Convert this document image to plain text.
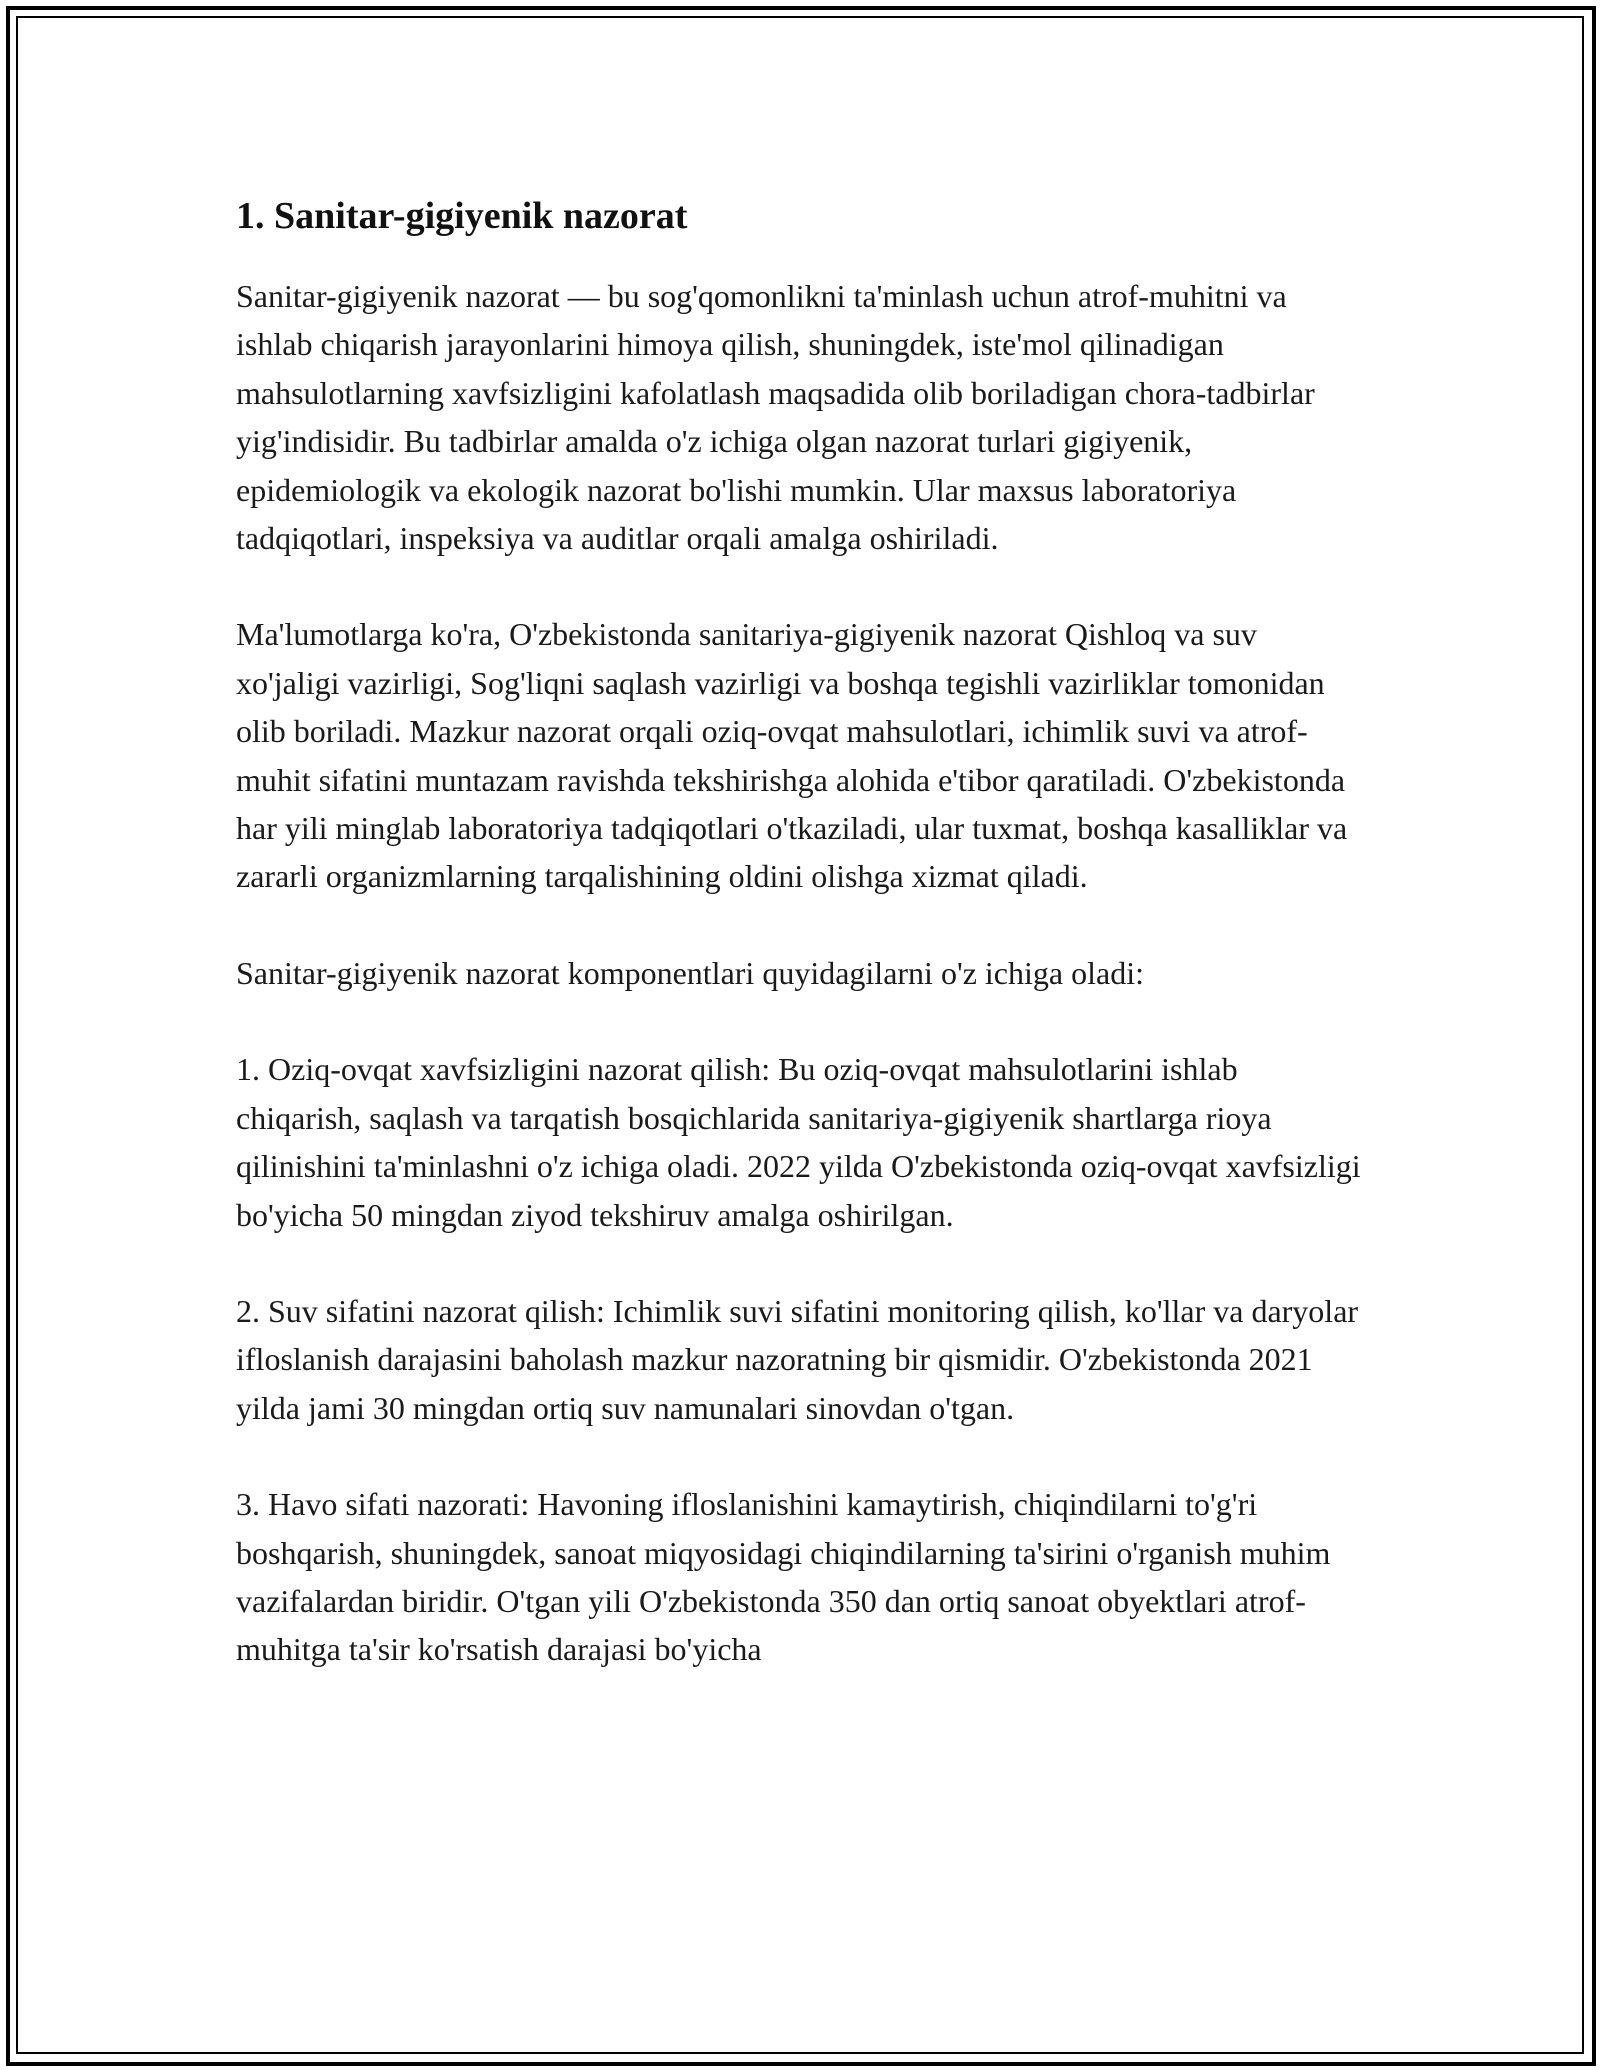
1. Sanitar-gigiyenik nazorat

Sanitar-gigiyenik nazorat — bu sog'qomonlikni ta'minlash uchun atrof-muhitni va ishlab chiqarish jarayonlarini himoya qilish, shuningdek, iste'mol qilinadigan mahsulotlarning xavfsizligini kafolatlash maqsadida olib boriladigan chora-tadbirlar yig'indisidir. Bu tadbirlar amalda o'z ichiga olgan nazorat turlari gigiyenik, epidemiologik va ekologik nazorat bo'lishi mumkin. Ular maxsus laboratoriya tadqiqotlari, inspeksiya va auditlar orqali amalga oshiriladi.

Ma'lumotlarga ko'ra, O'zbekistonda sanitariya-gigiyenik nazorat Qishloq va suv xo'jaligi vazirligi, Sog'liqni saqlash vazirligi va boshqa tegishli vazirliklar tomonidan olib boriladi. Mazkur nazorat orqali oziq-ovqat mahsulotlari, ichimlik suvi va atrof-muhit sifatini muntazam ravishda tekshirishga alohida e'tibor qaratiladi. O'zbekistonda har yili minglab laboratoriya tadqiqotlari o'tkaziladi, ular tuxmat, boshqa kasalliklar va zararli organizmlarning tarqalishining oldini olishga xizmat qiladi.

Sanitar-gigiyenik nazorat komponentlari quyidagilarni o'z ichiga oladi:

1. Oziq-ovqat xavfsizligini nazorat qilish: Bu oziq-ovqat mahsulotlarini ishlab chiqarish, saqlash va tarqatish bosqichlarida sanitariya-gigiyenik shartlarga rioya qilinishini ta'minlashni o'z ichiga oladi. 2022 yilda O'zbekistonda oziq-ovqat xavfsizligi bo'yicha 50 mingdan ziyod tekshiruv amalga oshirilgan.

2. Suv sifatini nazorat qilish: Ichimlik suvi sifatini monitoring qilish, ko'llar va daryolar ifloslanish darajasini baholash mazkur nazoratning bir qismidir. O'zbekistonda 2021 yilda jami 30 mingdan ortiq suv namunalari sinovdan o'tgan.

3. Havo sifati nazorati: Havoning ifloslanishini kamaytirish, chiqindilarni to'g'ri boshqarish, shuningdek, sanoat miqyosidagi chiqindilarning ta'sirini o'rganish muhim vazifalardan biridir. O'tgan yili O'zbekistonda 350 dan ortiq sanoat obyektlari atrof-muhitga ta'sir ko'rsatish darajasi bo'yicha
